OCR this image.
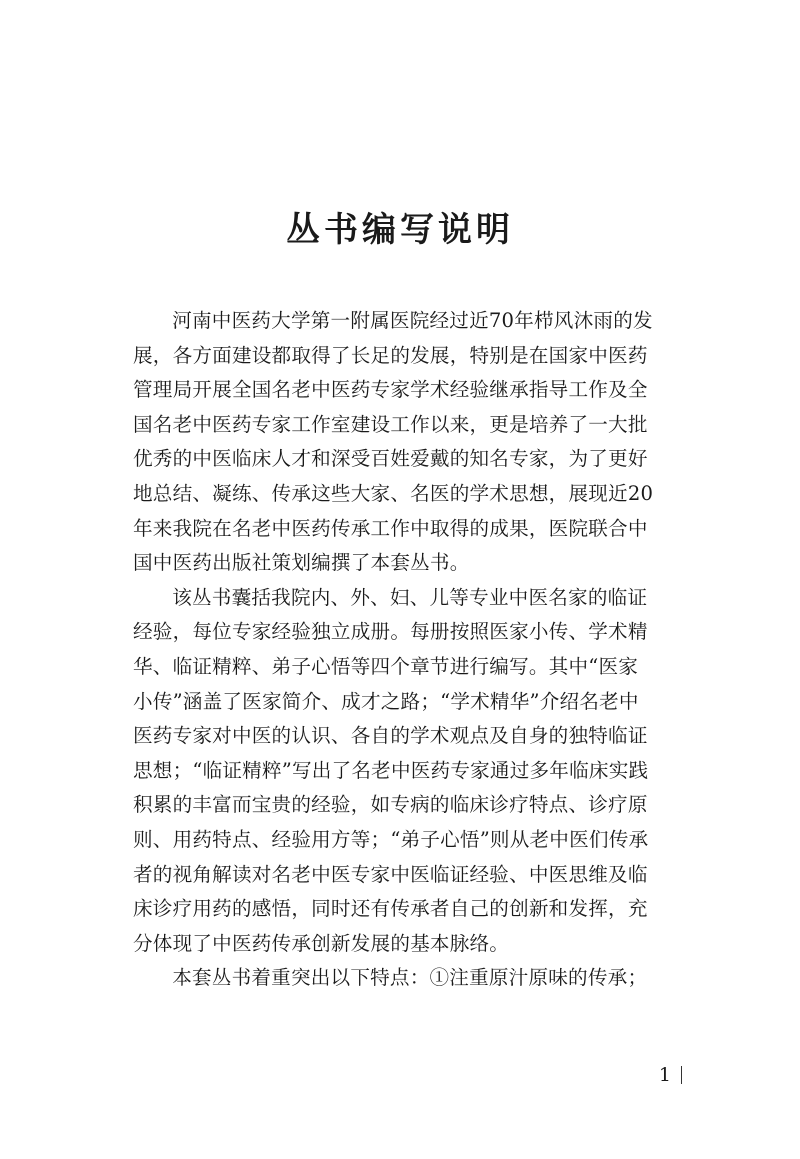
丛书编写说明

河南中医药大学第一附属医院经过近70年栉风沐雨的发
展，各方面建设都取得了长足的发展，特别是在国家中医药
管理局开展全国名老中医药专家学术经验继承指导工作及全
国名老中医药专家工作室建设工作以来，更是培养了一大批
优秀的中医临床人才和深受百姓爱戴的知名专家，为了更好
地总结、凝练、传承这些大家、名医的学术思想，展现近20
年来我院在名老中医药传承工作中取得的成果，医院联合中
国中医药出版社策划编撰了本套丛书。

该丛书囊括我院内、外、妇、儿等专业中医名家的临证
经验，每位专家经验独立成册。每册按照医家小传、学术精
华、临证精粹、弟子心悟等四个章节进行编写。其中“医家
小传”涵盖了医家简介、成才之路；“学术精华”介绍名老中
医药专家对中医的认识、各自的学术观点及自身的独特临证
思想；“临证精粹”写出了名老中医药专家通过多年临床实践
积累的丰富而宝贵的经验，如专病的临床诊疗特点、诊疗原
则、用药特点、经验用方等；“弟子心悟”则从老中医们传承
者的视角解读对名老中医专家中医临证经验、中医思维及临
床诊疗用药的感悟，同时还有传承者自己的创新和发挥，充
分体现了中医药传承创新发展的基本脉络。

本套丛书着重突出以下特点：①注重原汁原味的传承；

1
